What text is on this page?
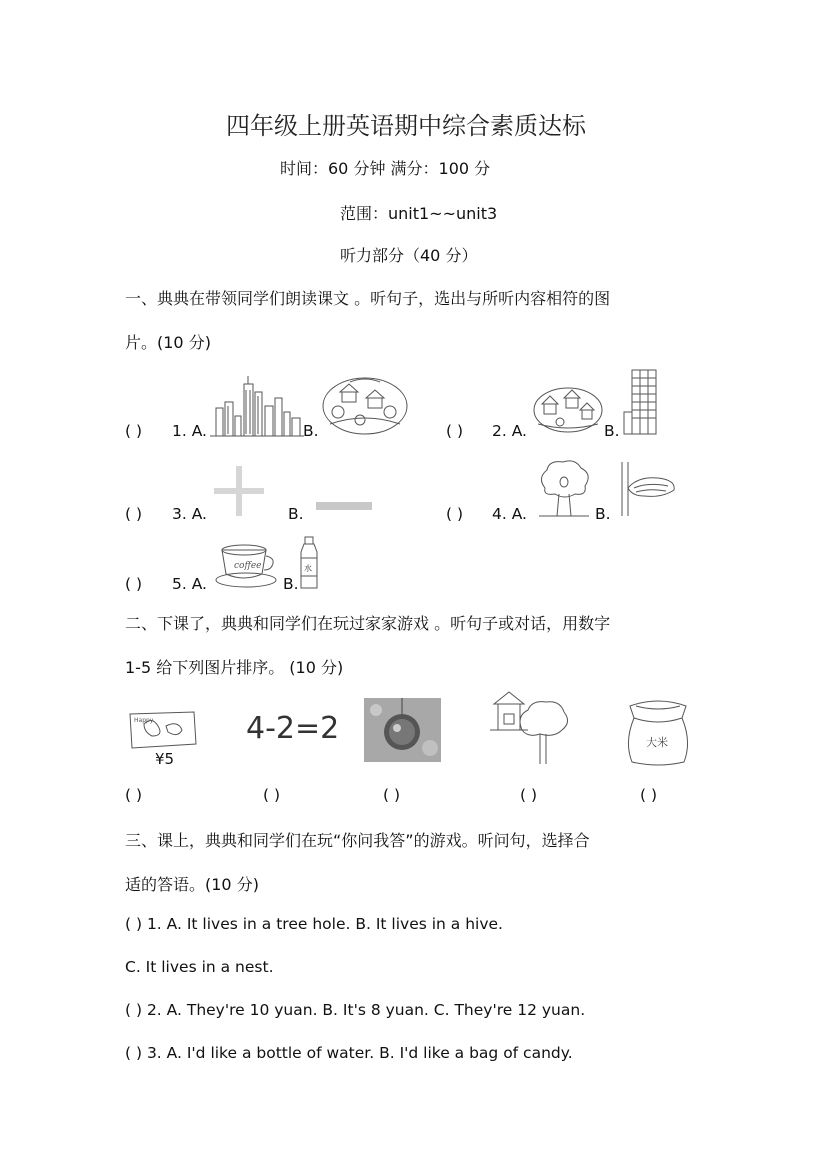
四年级上册英语期中综合素质达标
时间：60 分钟 满分：100 分
范围：unit1~~unit3
听力部分（40 分）
一、典典在带领同学们朗读课文 。听句子，选出与所听内容相符的图
片。(10 分)
( ) 1. A.	B.	( ) 2. A.	B.
( ) 3. A.	B.	( ) 4. A.	B.
( ) 5. A.
coffee
B.
水
二、下课了，典典和同学们在玩过家家游戏 。听句子或对话，用数字
1-5 给下列图片排序。 (10 分)
Happy
¥5
4-2=2	大米
( )	( )	( )	( )	( )
三、课上，典典和同学们在玩“你问我答”的游戏。听问句，选择合
适的答语。(10 分)
( ) 1. A. It lives in a tree hole. B. It lives in a hive.
C. It lives in a nest.
( ) 2. A. They're 10 yuan. B. It's 8 yuan. C. They're 12 yuan.
( ) 3. A. I'd like a bottle of water. B. I'd like a bag of candy.
